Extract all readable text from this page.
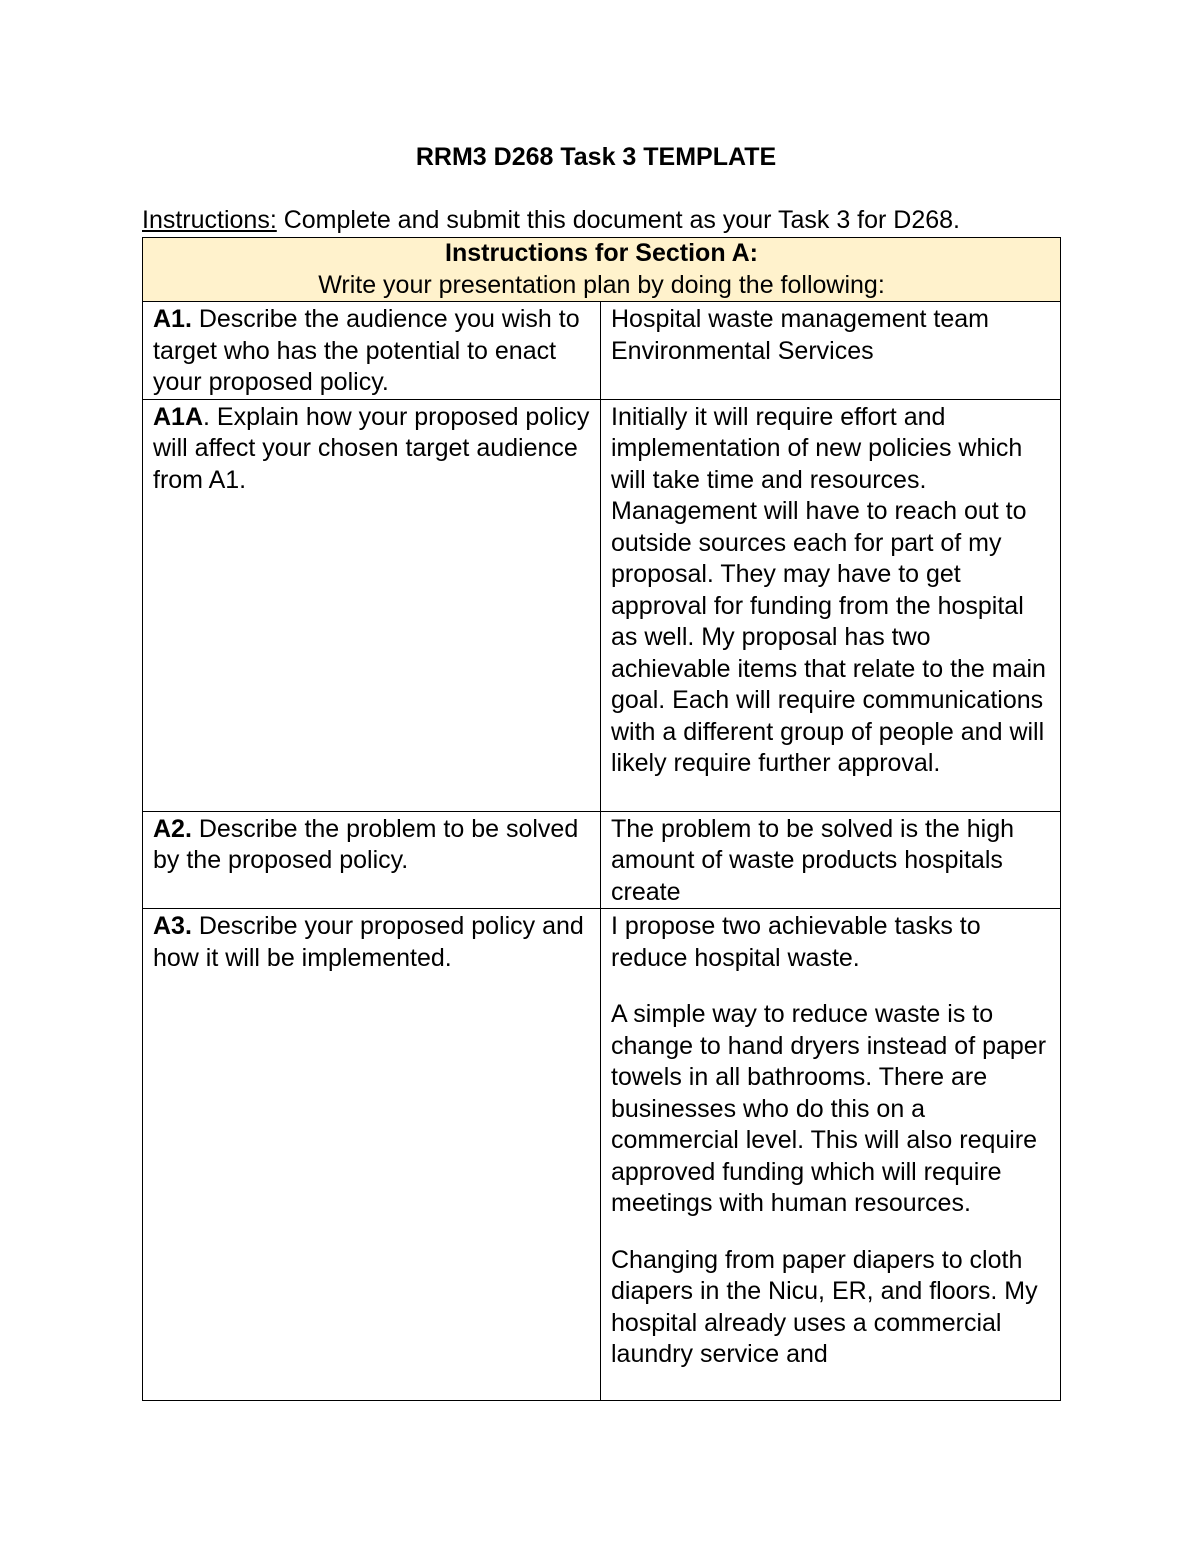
RRM3 D268 Task 3 TEMPLATE
Instructions: Complete and submit this document as your Task 3 for D268.
Instructions for Section A:
Write your presentation plan by doing the following:	

A1. Describe the audience you wish to target who has the potential to enact your proposed policy.	Hospital waste management team
Environmental Services

A1A. Explain how your proposed policy will affect your chosen target audience from A1.	Initially it will require effort and implementation of new policies which will take time and resources. Management will have to reach out to outside sources each for part of my proposal. They may have to get approval for funding from the hospital as well. My proposal has two achievable items that relate to the main goal. Each will require communications with a different group of people and will likely require further approval.

A2. Describe the problem to be solved by the proposed policy.	The problem to be solved is the high amount of waste products hospitals create

A3. Describe your proposed policy and how it will be implemented.	I propose two achievable tasks to reduce hospital waste.
A simple way to reduce waste is to change to hand dryers instead of paper towels in all bathrooms. There are businesses who do this on a commercial level. This will also require approved funding which will require meetings with human resources.
Changing from paper diapers to cloth diapers in the Nicu, ER, and floors. My hospital already uses a commercial laundry service and
